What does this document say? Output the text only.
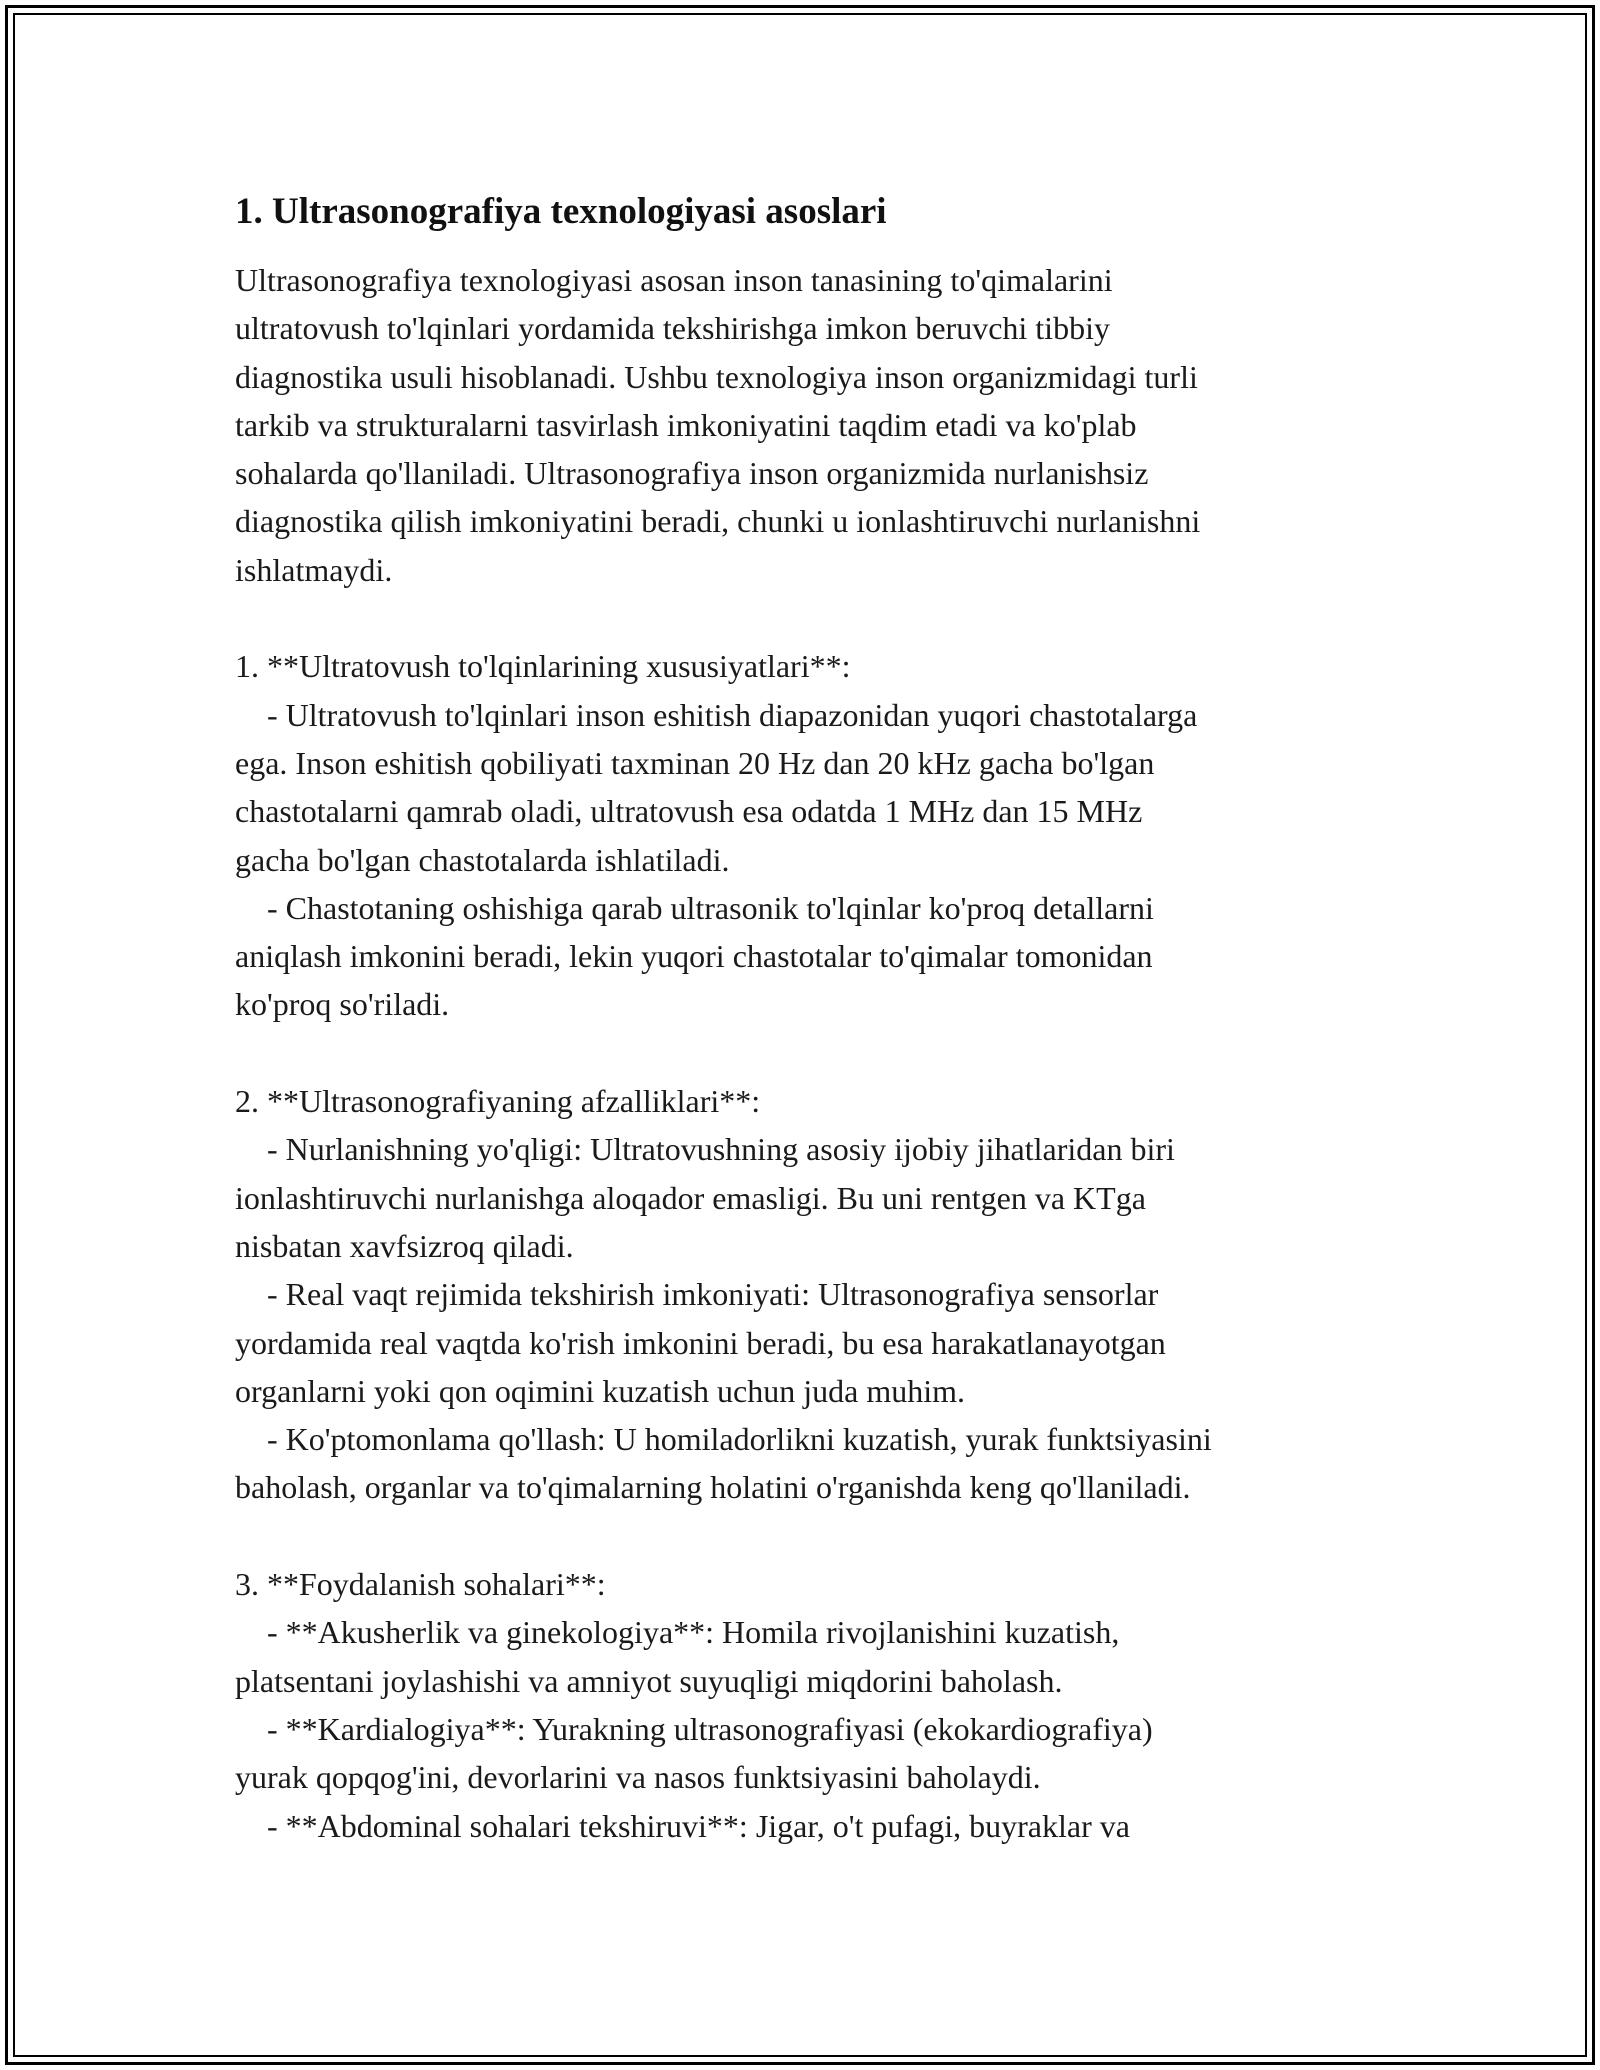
1. Ultrasonografiya texnologiyasi asoslari

Ultrasonografiya texnologiyasi asosan inson tanasining to'qimalarini
ultratovush to'lqinlari yordamida tekshirishga imkon beruvchi tibbiy
diagnostika usuli hisoblanadi. Ushbu texnologiya inson organizmidagi turli
tarkib va strukturalarni tasvirlash imkoniyatini taqdim etadi va ko'plab
sohalarda qo'llaniladi. Ultrasonografiya inson organizmida nurlanishsiz
diagnostika qilish imkoniyatini beradi, chunki u ionlashtiruvchi nurlanishni
ishlatmaydi.

1. **Ultratovush to'lqinlarining xususiyatlari**:
- Ultratovush to'lqinlari inson eshitish diapazonidan yuqori chastotalarga
ega. Inson eshitish qobiliyati taxminan 20 Hz dan 20 kHz gacha bo'lgan
chastotalarni qamrab oladi, ultratovush esa odatda 1 MHz dan 15 MHz
gacha bo'lgan chastotalarda ishlatiladi.
- Chastotaning oshishiga qarab ultrasonik to'lqinlar ko'proq detallarni
aniqlash imkonini beradi, lekin yuqori chastotalar to'qimalar tomonidan
ko'proq so'riladi.

2. **Ultrasonografiyaning afzalliklari**:
- Nurlanishning yo'qligi: Ultratovushning asosiy ijobiy jihatlaridan biri
ionlashtiruvchi nurlanishga aloqador emasligi. Bu uni rentgen va KTga
nisbatan xavfsizroq qiladi.
- Real vaqt rejimida tekshirish imkoniyati: Ultrasonografiya sensorlar
yordamida real vaqtda ko'rish imkonini beradi, bu esa harakatlanayotgan
organlarni yoki qon oqimini kuzatish uchun juda muhim.
- Ko'ptomonlama qo'llash: U homiladorlikni kuzatish, yurak funktsiyasini
baholash, organlar va to'qimalarning holatini o'rganishda keng qo'llaniladi.

3. **Foydalanish sohalari**:
- **Akusherlik va ginekologiya**: Homila rivojlanishini kuzatish,
platsentani joylashishi va amniyot suyuqligi miqdorini baholash.
- **Kardialogiya**: Yurakning ultrasonografiyasi (ekokardiografiya)
yurak qopqog'ini, devorlarini va nasos funktsiyasini baholaydi.
- **Abdominal sohalari tekshiruvi**: Jigar, o't pufagi, buyraklar va
